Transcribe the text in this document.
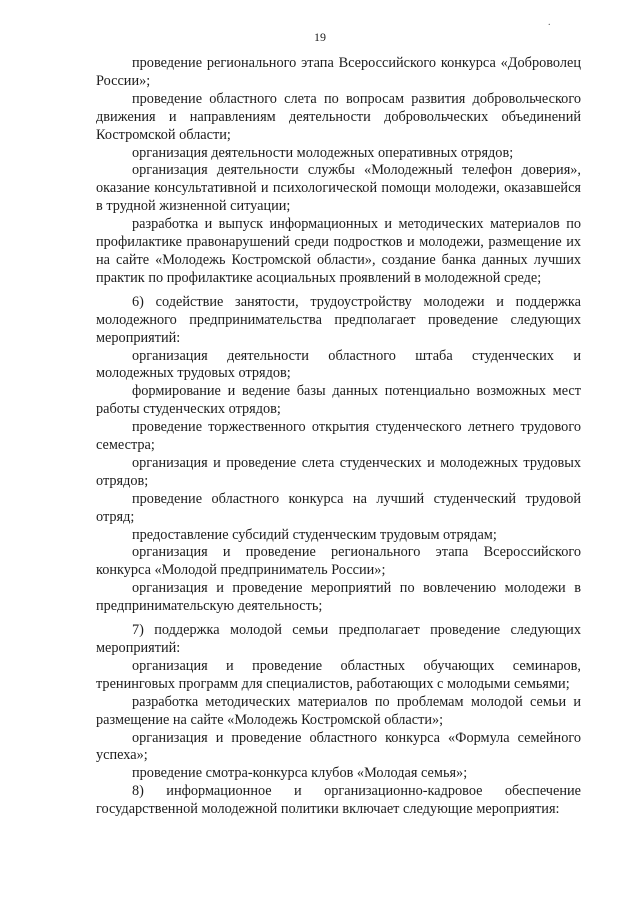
.
19

проведение регионального этапа Всероссийского конкурса «Доброволец России»;

проведение областного слета по вопросам развития добровольческого движения и направлениям деятельности добровольческих объединений Костромской области;

организация деятельности молодежных оперативных отрядов;

организация деятельности службы «Молодежный телефон доверия», оказание консультативной и психологической помощи молодежи, оказавшейся в трудной жизненной ситуации;

разработка и выпуск информационных и методических материалов по профилактике правонарушений среди подростков и молодежи, размещение их на сайте «Молодежь Костромской области», создание банка данных лучших практик по профилактике асоциальных проявлений в молодежной среде;

6) содействие занятости, трудоустройству молодежи и поддержка молодежного предпринимательства предполагает проведение следующих мероприятий:

организация деятельности областного штаба студенческих и молодежных трудовых отрядов;

формирование и ведение базы данных потенциально возможных мест работы студенческих отрядов;

проведение торжественного открытия студенческого летнего трудового семестра;

организация и проведение слета студенческих и молодежных трудовых отрядов;

проведение областного конкурса на лучший студенческий трудовой отряд;

предоставление субсидий студенческим трудовым отрядам;

организация и проведение регионального этапа Всероссийского конкурса «Молодой предприниматель России»;

организация и проведение мероприятий по вовлечению молодежи в предпринимательскую деятельность;

7) поддержка молодой семьи предполагает проведение следующих мероприятий:

организация и проведение областных обучающих семинаров, тренинговых программ для специалистов, работающих с молодыми семьями;

разработка методических материалов по проблемам молодой семьи и размещение на сайте «Молодежь Костромской области»;

организация и проведение областного конкурса «Формула семейного успеха»;

проведение смотра-конкурса клубов «Молодая семья»;

8) информационное и организационно-кадровое обеспечение государственной молодежной политики включает следующие мероприятия:
